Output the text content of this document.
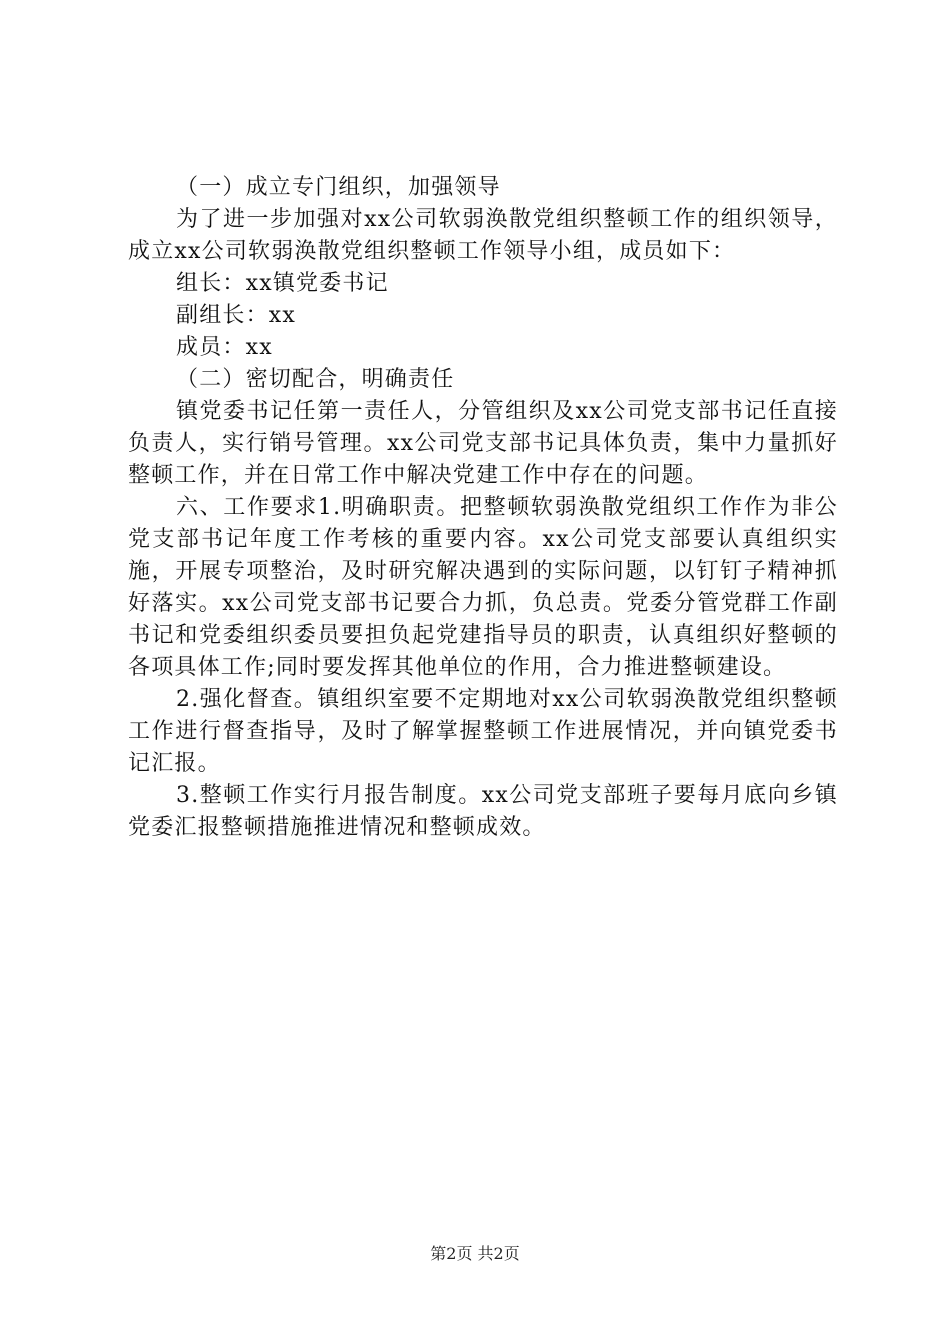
（一）成立专门组织，加强领导

为了进一步加强对xx公司软弱涣散党组织整顿工作的组织领导，成立xx公司软弱涣散党组织整顿工作领导小组，成员如下：

组长：xx镇党委书记

副组长：xx

成员：xx

（二）密切配合，明确责任

镇党委书记任第一责任人，分管组织及xx公司党支部书记任直接负责人，实行销号管理。xx公司党支部书记具体负责，集中力量抓好整顿工作，并在日常工作中解决党建工作中存在的问题。

六、工作要求1.明确职责。把整顿软弱涣散党组织工作作为非公党支部书记年度工作考核的重要内容。xx公司党支部要认真组织实施，开展专项整治，及时研究解决遇到的实际问题，以钉钉子精神抓好落实。xx公司党支部书记要合力抓，负总责。党委分管党群工作副书记和党委组织委员要担负起党建指导员的职责，认真组织好整顿的各项具体工作;同时要发挥其他单位的作用，合力推进整顿建设。

2.强化督查。镇组织室要不定期地对xx公司软弱涣散党组织整顿工作进行督查指导，及时了解掌握整顿工作进展情况，并向镇党委书记汇报。

3.整顿工作实行月报告制度。xx公司党支部班子要每月底向乡镇党委汇报整顿措施推进情况和整顿成效。

第2页 共2页
